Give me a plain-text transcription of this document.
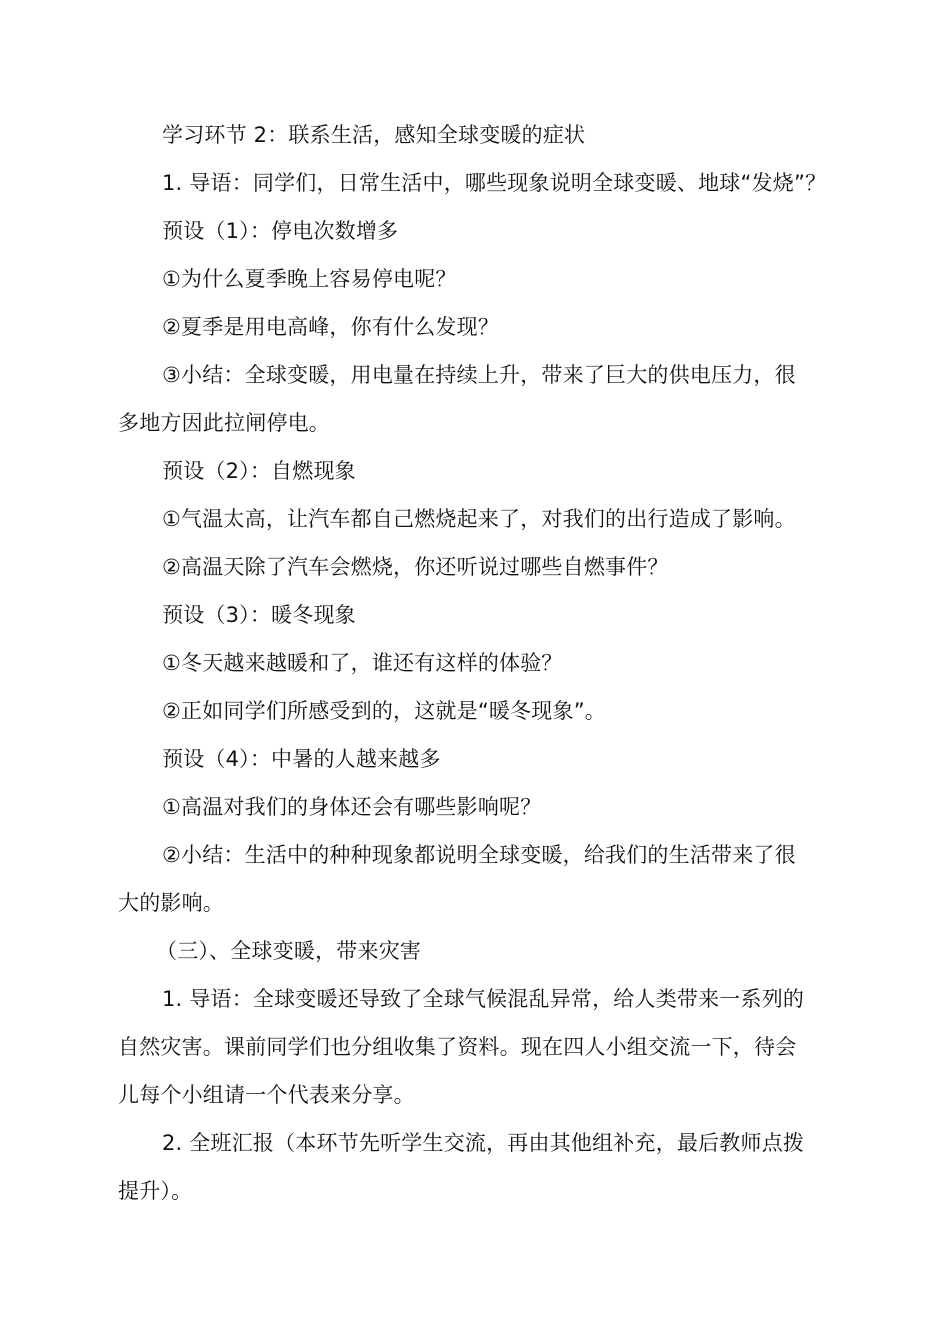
学习环节 2：联系生活，感知全球变暖的症状
1. 导语：同学们，日常生活中，哪些现象说明全球变暖、地球“发烧”？
预设（1）：停电次数增多
①为什么夏季晚上容易停电呢？
②夏季是用电高峰，你有什么发现？
③小结：全球变暖，用电量在持续上升，带来了巨大的供电压力，很
多地方因此拉闸停电。
预设（2）：自燃现象
①气温太高，让汽车都自己燃烧起来了，对我们的出行造成了影响。
②高温天除了汽车会燃烧，你还听说过哪些自燃事件？
预设（3）：暖冬现象
①冬天越来越暖和了，谁还有这样的体验？
②正如同学们所感受到的，这就是“暖冬现象”。
预设（4）：中暑的人越来越多
①高温对我们的身体还会有哪些影响呢？
②小结：生活中的种种现象都说明全球变暖，给我们的生活带来了很
大的影响。
（三）、全球变暖，带来灾害
1. 导语：全球变暖还导致了全球气候混乱异常，给人类带来一系列的
自然灾害。课前同学们也分组收集了资料。现在四人小组交流一下，待会
儿每个小组请一个代表来分享。
2. 全班汇报（本环节先听学生交流，再由其他组补充，最后教师点拨
提升）。
